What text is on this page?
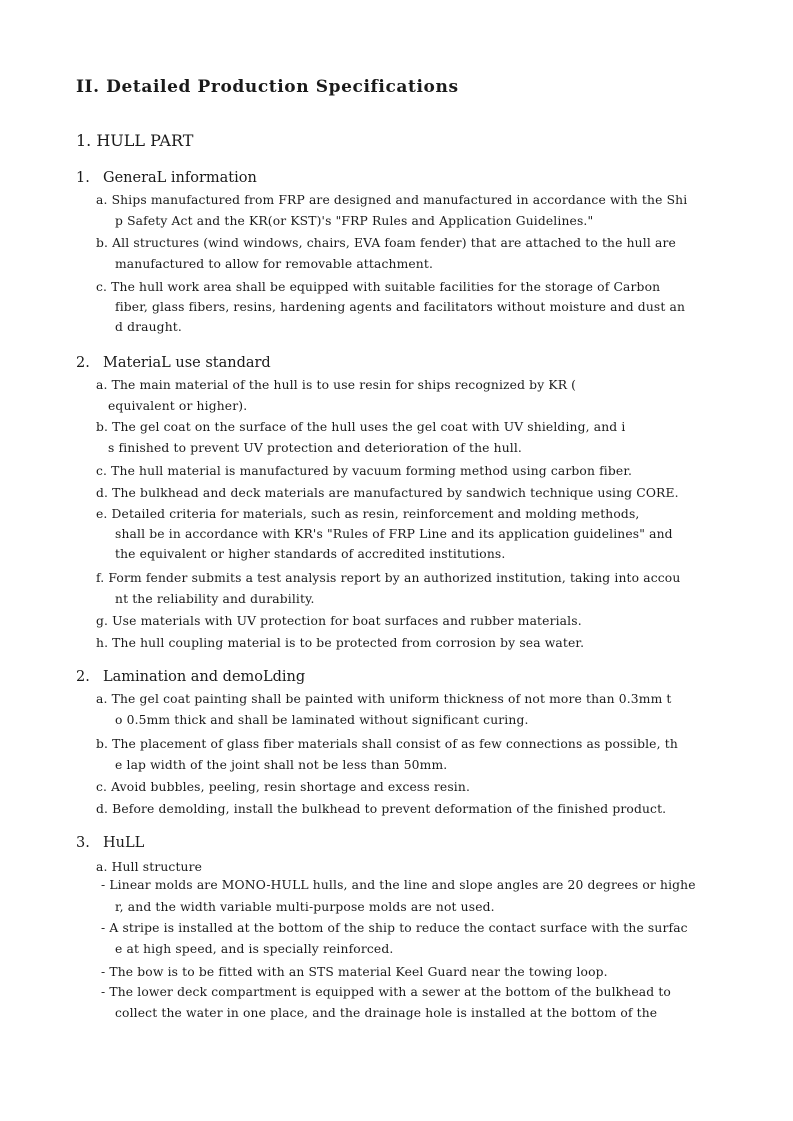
II. Detailed Production Specifications
1. HULL PART
1. GeneraL information
a. Ships manufactured from FRP are designed and manufactured in accordance with the Shi
p Safety Act and the KR(or KST)'s "FRP Rules and Application Guidelines."
b. All structures (wind windows, chairs, EVA foam fender) that are attached to the hull are
manufactured to allow for removable attachment.
c. The hull work area shall be equipped with suitable facilities for the storage of Carbon
fiber, glass fibers, resins, hardening agents and facilitators without moisture and dust an
d draught.
2. MateriaL use standard
a. The main material of the hull is to use resin for ships recognized by KR (
equivalent or higher).
b. The gel coat on the surface of the hull uses the gel coat with UV shielding, and i
s finished to prevent UV protection and deterioration of the hull.
c. The hull material is manufactured by vacuum forming method using carbon fiber.
d. The bulkhead and deck materials are manufactured by sandwich technique using CORE.
e. Detailed criteria for materials, such as resin, reinforcement and molding methods,
shall be in accordance with KR's "Rules of FRP Line and its application guidelines" and
the equivalent or higher standards of accredited institutions.
f. Form fender submits a test analysis report by an authorized institution, taking into accou
nt the reliability and durability.
g. Use materials with UV protection for boat surfaces and rubber materials.
h. The hull coupling material is to be protected from corrosion by sea water.
2. Lamination and demoLding
a. The gel coat painting shall be painted with uniform thickness of not more than 0.3mm t
o 0.5mm thick and shall be laminated without significant curing.
b. The placement of glass fiber materials shall consist of as few connections as possible, th
e lap width of the joint shall not be less than 50mm.
c. Avoid bubbles, peeling, resin shortage and excess resin.
d. Before demolding, install the bulkhead to prevent deformation of the finished product.
3. HuLL
a. Hull structure
- Linear molds are MONO-HULL hulls, and the line and slope angles are 20 degrees or highe
r, and the width variable multi-purpose molds are not used.
- A stripe is installed at the bottom of the ship to reduce the contact surface with the surfac
e at high speed, and is specially reinforced.
- The bow is to be fitted with an STS material Keel Guard near the towing loop.
- The lower deck compartment is equipped with a sewer at the bottom of the bulkhead to
collect the water in one place, and the drainage hole is installed at the bottom of the
